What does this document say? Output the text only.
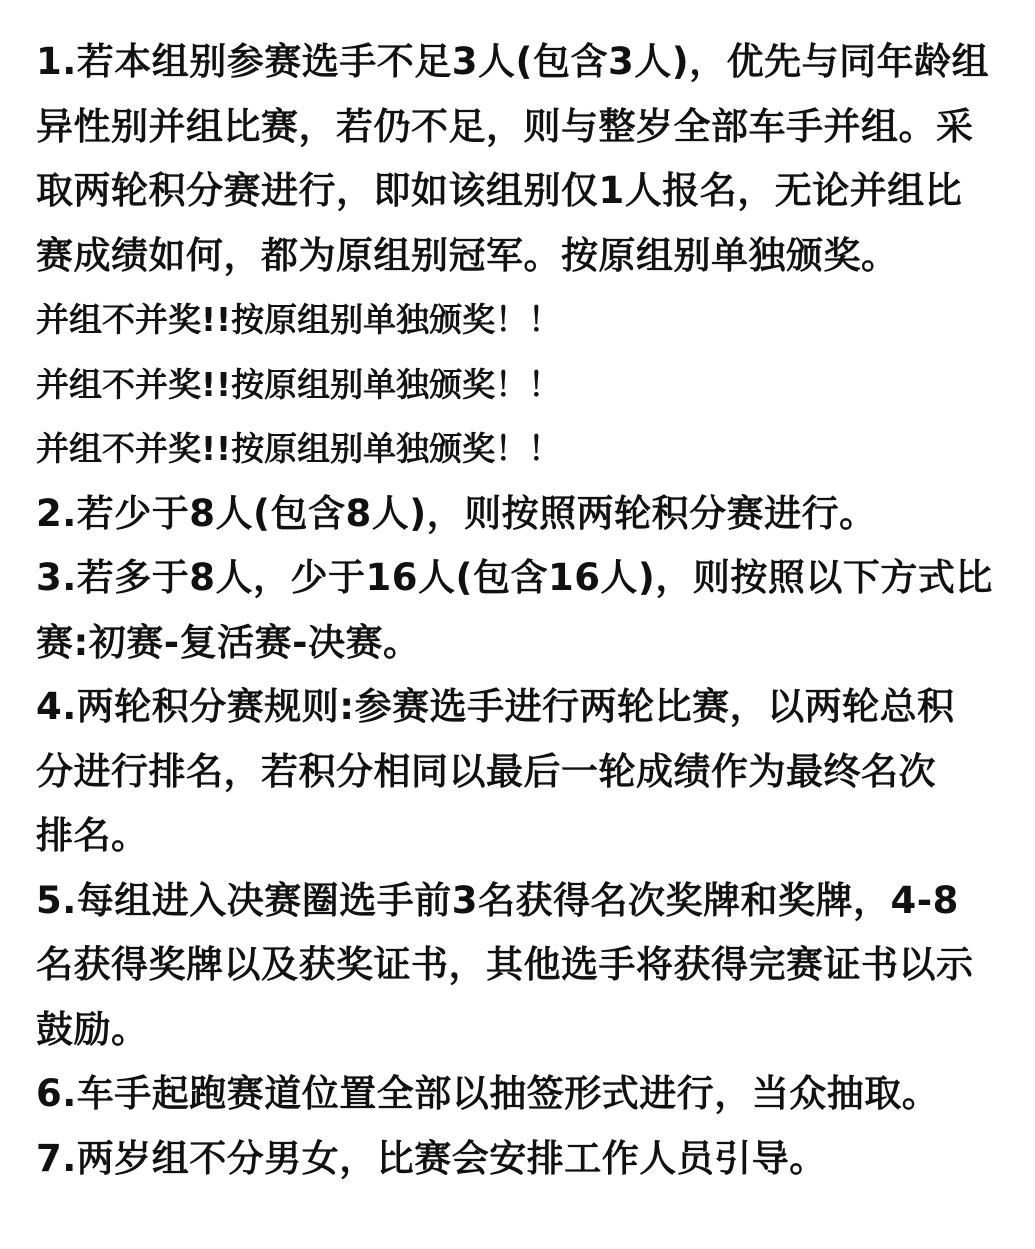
1.若本组别参赛选手不足3人(包含3人)，优先与同年龄组
异性别并组比赛，若仍不足，则与整岁全部车手并组。采
取两轮积分赛进行，即如该组别仅1人报名，无论并组比
赛成绩如何，都为原组别冠军。按原组别单独颁奖。
并组不并奖!!按原组别单独颁奖！！
并组不并奖!!按原组别单独颁奖！！
并组不并奖!!按原组别单独颁奖！！
2.若少于8人(包含8人)，则按照两轮积分赛进行。
3.若多于8人，少于16人(包含16人)，则按照以下方式比
赛:初赛-复活赛-决赛。
4.两轮积分赛规则:参赛选手进行两轮比赛，以两轮总积
分进行排名，若积分相同以最后一轮成绩作为最终名次
排名。
5.每组进入决赛圈选手前3名获得名次奖牌和奖牌，4-8
名获得奖牌以及获奖证书，其他选手将获得完赛证书以示
鼓励。
6.车手起跑赛道位置全部以抽签形式进行，当众抽取。
7.两岁组不分男女，比赛会安排工作人员引导。
